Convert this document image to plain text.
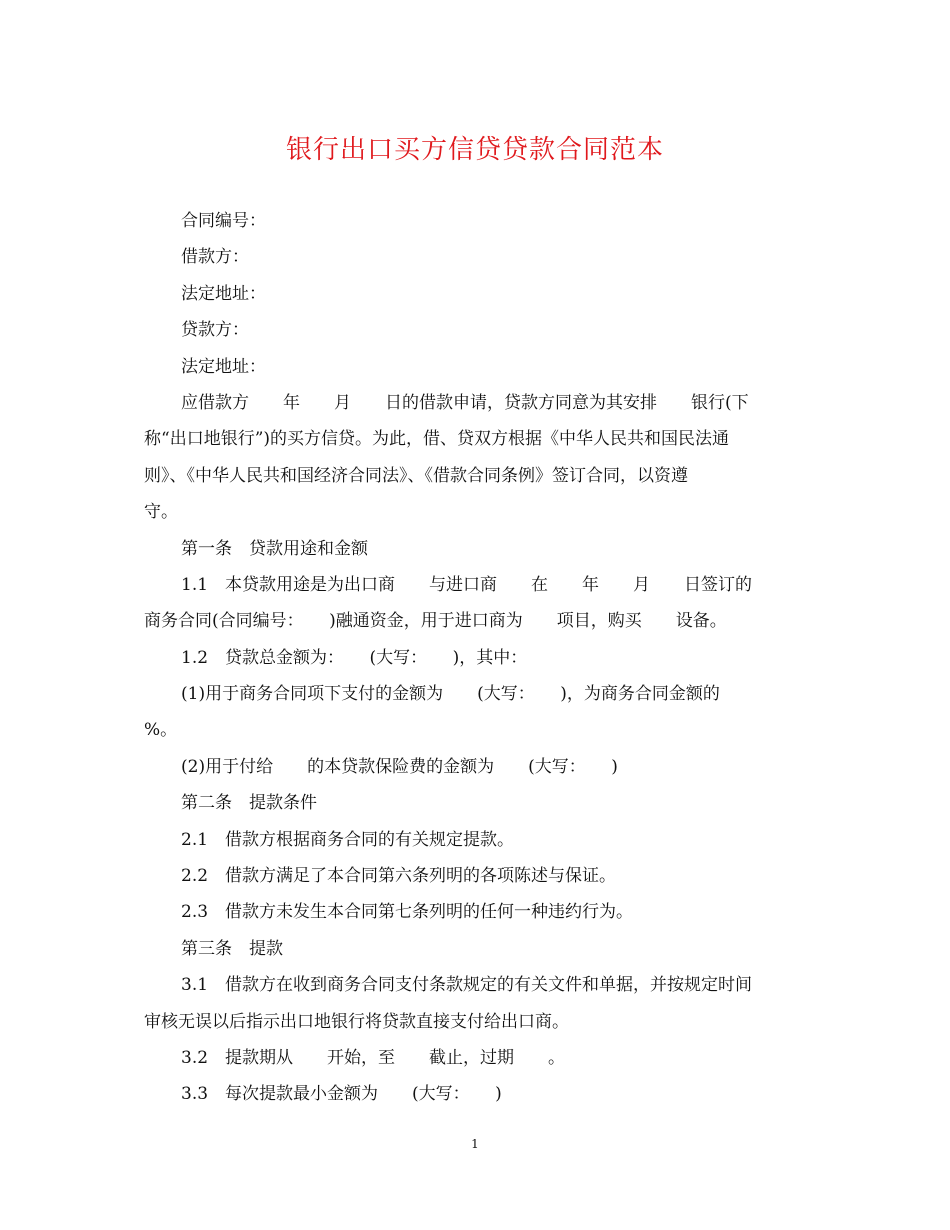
银行出口买方信贷贷款合同范本
合同编号：
借款方：
法定地址：
贷款方：
法定地址：
应借款方　　年　　月　　日的借款申请，贷款方同意为其安排　　银行(下
称“出口地银行”)的买方信贷。为此，借、贷双方根据《中华人民共和国民法通
则》、《中华人民共和国经济合同法》、《借款合同条例》签订合同，以资遵
守。
第一条　贷款用途和金额
1.1　本贷款用途是为出口商　　与进口商　　在　　年　　月　　日签订的
商务合同(合同编号：　　)融通资金，用于进口商为　　项目，购买　　设备。
1.2　贷款总金额为：　　(大写：　　)，其中：
(1)用于商务合同项下支付的金额为　　(大写：　　)，为商务合同金额的
%。
(2)用于付给　　的本贷款保险费的金额为　　(大写：　　)
第二条　提款条件
2.1　借款方根据商务合同的有关规定提款。
2.2　借款方满足了本合同第六条列明的各项陈述与保证。
2.3　借款方未发生本合同第七条列明的任何一种违约行为。
第三条　提款
3.1　借款方在收到商务合同支付条款规定的有关文件和单据，并按规定时间
审核无误以后指示出口地银行将贷款直接支付给出口商。
3.2　提款期从　　开始，至　　截止，过期　　。
3.3　每次提款最小金额为　　(大写：　　)
1
